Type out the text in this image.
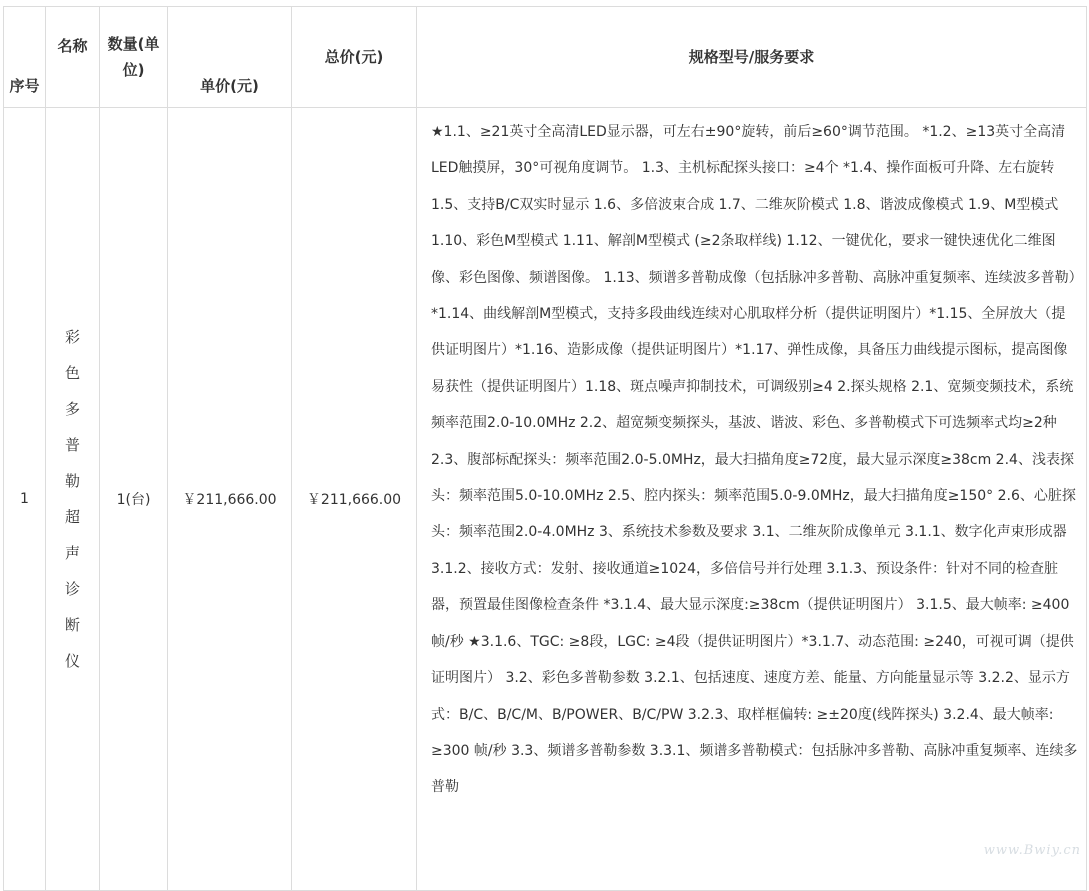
序号	名称	数量(单位)	单价(元)	总价(元)	规格型号/服务要求
1	彩色多普勒超声诊断仪	1(台)	￥211,666.00	￥211,666.00	★1.1、≥21英寸全高清LED显示器，可左右±90°旋转，前后≥60°调节范围。 *1.2、≥13英寸全高清LED触摸屏，30°可视角度调节。 1.3、主机标配探头接口：≥4个 *1.4、操作面板可升降、左右旋转 1.5、支持B/C双实时显示 1.6、多倍波束合成 1.7、二维灰阶模式 1.8、谐波成像模式 1.9、M型模式 1.10、彩色M型模式 1.11、解剖M型模式 (≥2条取样线) 1.12、一键优化，要求一键快速优化二维图像、彩色图像、频谱图像。 1.13、频谱多普勒成像（包括脉冲多普勒、高脉冲重复频率、连续波多普勒）*1.14、曲线解剖M型模式，支持多段曲线连续对心肌取样分析（提供证明图片）*1.15、全屏放大（提供证明图片）*1.16、造影成像（提供证明图片）*1.17、弹性成像，具备压力曲线提示图标，提高图像易获性（提供证明图片）1.18、斑点噪声抑制技术，可调级别≥4 2.探头规格 2.1、宽频变频技术，系统频率范围2.0-10.0MHz 2.2、超宽频变频探头，基波、谐波、彩色、多普勒模式下可选频率式均≥2种 2.3、腹部标配探头：频率范围2.0-5.0MHz，最大扫描角度≥72度，最大显示深度≥38cm 2.4、浅表探头：频率范围5.0-10.0MHz 2.5、腔内探头：频率范围5.0-9.0MHz，最大扫描角度≥150° 2.6、心脏探头：频率范围2.0-4.0MHz 3、系统技术参数及要求 3.1、二维灰阶成像单元 3.1.1、数字化声束形成器 3.1.2、接收方式：发射、接收通道≥1024，多倍信号并行处理 3.1.3、预设条件：针对不同的检查脏器，预置最佳图像检查条件 *3.1.4、最大显示深度:≥38cm（提供证明图片） 3.1.5、最大帧率: ≥400帧/秒 ★3.1.6、TGC: ≥8段，LGC: ≥4段（提供证明图片）*3.1.7、动态范围: ≥240，可视可调（提供证明图片） 3.2、彩色多普勒参数 3.2.1、包括速度、速度方差、能量、方向能量显示等 3.2.2、显示方式：B/C、B/C/M、B/POWER、B/C/PW 3.2.3、取样框偏转: ≥±20度(线阵探头) 3.2.4、最大帧率: ≥300 帧/秒 3.3、频谱多普勒参数 3.3.1、频谱多普勒模式：包括脉冲多普勒、高脉冲重复频率、连续多普勒
www.Bwiy.cn
